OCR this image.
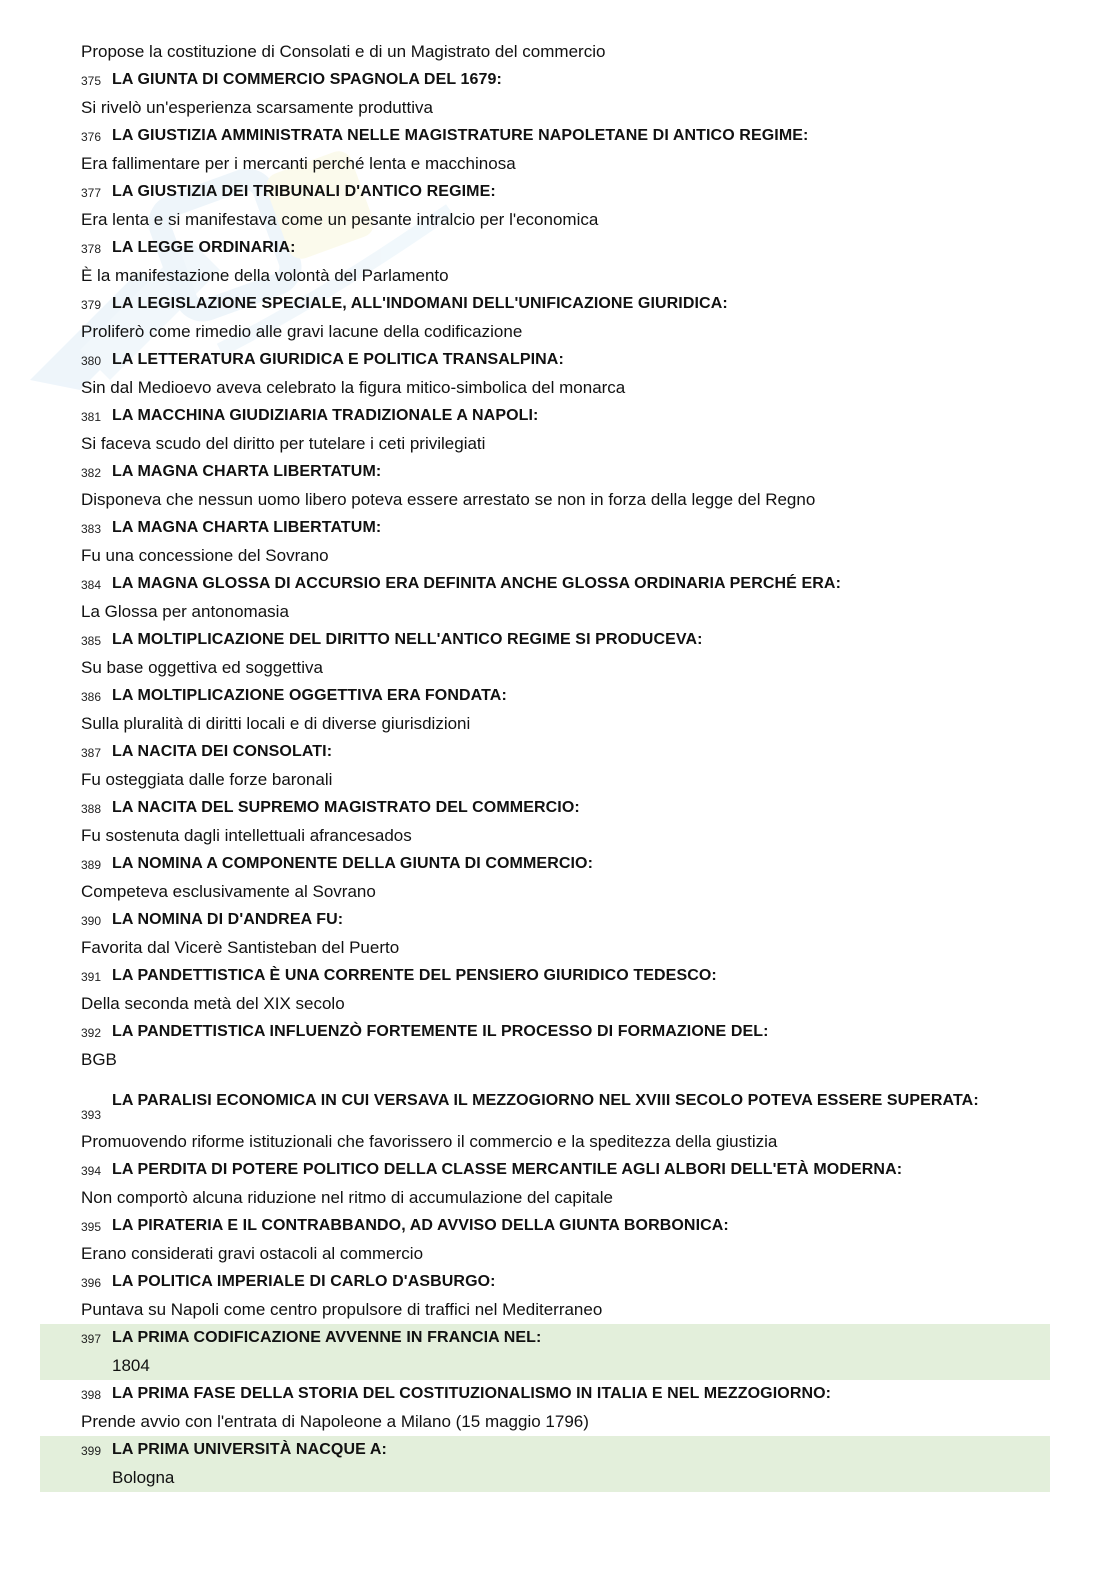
Propose la costituzione di Consolati e di un Magistrato del commercio
375 LA GIUNTA DI COMMERCIO SPAGNOLA DEL 1679:
Si rivelò un'esperienza scarsamente produttiva
376 LA GIUSTIZIA AMMINISTRATA NELLE MAGISTRATURE NAPOLETANE DI ANTICO REGIME:
Era fallimentare per i mercanti perché lenta e macchinosa
377 LA GIUSTIZIA DEI TRIBUNALI D'ANTICO REGIME:
Era lenta e si manifestava come un pesante intralcio per l'economica
378 LA LEGGE ORDINARIA:
È la manifestazione della volontà del Parlamento
379 LA LEGISLAZIONE SPECIALE, ALL'INDOMANI DELL'UNIFICAZIONE GIURIDICA:
Proliferò come rimedio alle gravi lacune della codificazione
380 LA LETTERATURA GIURIDICA E POLITICA TRANSALPINA:
Sin dal Medioevo aveva celebrato la figura mitico-simbolica del monarca
381 LA MACCHINA GIUDIZIARIA TRADIZIONALE A NAPOLI:
Si faceva scudo del diritto per tutelare i ceti privilegiati
382 LA MAGNA CHARTA LIBERTATUM:
Disponeva che nessun uomo libero poteva essere arrestato se non in forza della legge del Regno
383 LA MAGNA CHARTA LIBERTATUM:
Fu una concessione del Sovrano
384 LA MAGNA GLOSSA DI ACCURSIO ERA DEFINITA ANCHE GLOSSA ORDINARIA PERCHÉ ERA:
La Glossa per antonomasia
385 LA MOLTIPLICAZIONE DEL DIRITTO NELL'ANTICO REGIME SI PRODUCEVA:
Su base oggettiva ed soggettiva
386 LA MOLTIPLICAZIONE OGGETTIVA ERA FONDATA:
Sulla pluralità di diritti locali e di diverse giurisdizioni
387 LA NACITA DEI CONSOLATI:
Fu osteggiata dalle forze baronali
388 LA NACITA DEL SUPREMO MAGISTRATO DEL COMMERCIO:
Fu sostenuta dagli intellettuali afrancesados
389 LA NOMINA A COMPONENTE DELLA GIUNTA DI COMMERCIO:
Competeva esclusivamente al Sovrano
390 LA NOMINA DI D'ANDREA FU:
Favorita dal Vicerè Santisteban del Puerto
391 LA PANDETTISTICA È UNA CORRENTE DEL PENSIERO GIURIDICO TEDESCO:
Della seconda metà del XIX secolo
392 LA PANDETTISTICA INFLUENZÒ FORTEMENTE IL PROCESSO DI FORMAZIONE DEL:
BGB
393
LA PARALISI ECONOMICA IN CUI VERSAVA IL MEZZOGIORNO NEL XVIII SECOLO POTEVA ESSERE SUPERATA:
Promuovendo riforme istituzionali che favorissero il commercio e la speditezza della giustizia
394 LA PERDITA DI POTERE POLITICO DELLA CLASSE MERCANTILE AGLI ALBORI DELL'ETÀ MODERNA:
Non comportò alcuna riduzione nel ritmo di accumulazione del capitale
395 LA PIRATERIA E IL CONTRABBANDO, AD AVVISO DELLA GIUNTA BORBONICA:
Erano considerati gravi ostacoli al commercio
396 LA POLITICA IMPERIALE DI CARLO D'ASBURGO:
Puntava su Napoli come centro propulsore di traffici nel Mediterraneo
397 LA PRIMA CODIFICAZIONE AVVENNE IN FRANCIA NEL:
1804
398 LA PRIMA FASE DELLA STORIA DEL COSTITUZIONALISMO IN ITALIA E NEL MEZZOGIORNO:
Prende avvio con l'entrata di Napoleone a Milano (15 maggio 1796)
399 LA PRIMA UNIVERSITÀ NACQUE A:
Bologna
